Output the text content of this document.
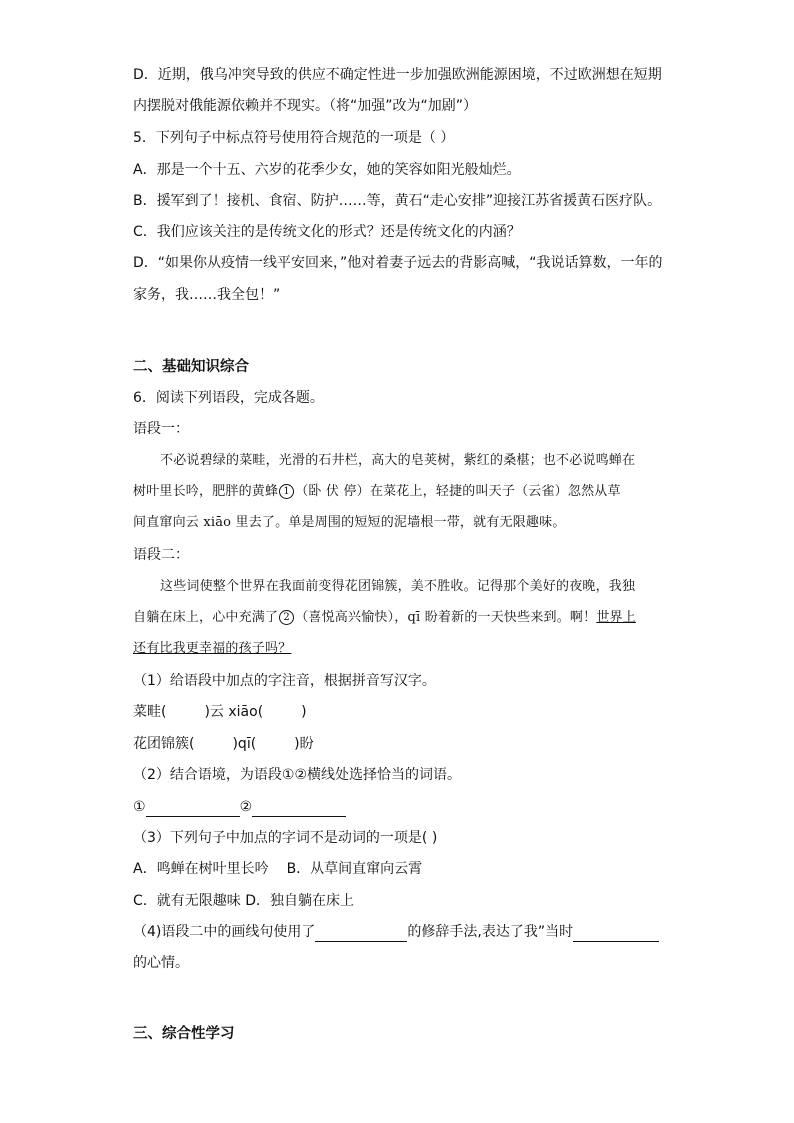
D．近期，俄乌冲突导致的供应不确定性进一步加强欧洲能源困境，不过欧洲想在短期
内摆脱对俄能源依赖并不现实。（将“加强”改为“加剧”）
5．下列句子中标点符号使用符合规范的一项是（ ）
A．那是一个十五、六岁的花季少女，她的笑容如阳光般灿烂。
B．援军到了！接机、食宿、防护……等，黄石“走心安排”迎接江苏省援黄石医疗队。
C．我们应该关注的是传统文化的形式？还是传统文化的内涵？
D．“如果你从疫情一线平安回来，”他对着妻子远去的背影高喊，“我说话算数，一年的
家务，我……我全包！”
二、基础知识综合
6．阅读下列语段，完成各题。
语段一：
不必说碧绿的菜畦，光滑的石井栏，高大的皂荚树，紫红的桑椹；也不必说鸣蝉在
树叶里长吟，肥胖的黄蜂 1 （卧 伏 停）在菜花上，轻捷的叫天子（云雀）忽然从草
间直窜向云 xiāo 里去了。单是周围的短短的泥墙根一带，就有无限趣味。
语段二：
这些词使整个世界在我面前变得花团锦簇，美不胜收。记得那个美好的夜晚，我独
自躺在床上，心中充满了 2 （喜悦高兴愉快），qī 盼着新的一天快些来到。啊！世界上
还有比我更幸福的孩子吗？
（1）给语段中加点的字注音，根据拼音写汉字。
菜畦(	)云 xiāo(	)
花团锦簇(	)qī(	)盼
（2）结合语境，为语段①②横线处选择恰当的词语。
①	②
（3）下列句子中加点的字词不是动词的一项是( )
A．鸣蝉在树叶里长吟 B．从草间直窜向云霄
C．就有无限趣味 D．独自躺在床上
（4)语段二中的画线句使用了	的修辞手法,表达了我”当时
的心情。
三、综合性学习
